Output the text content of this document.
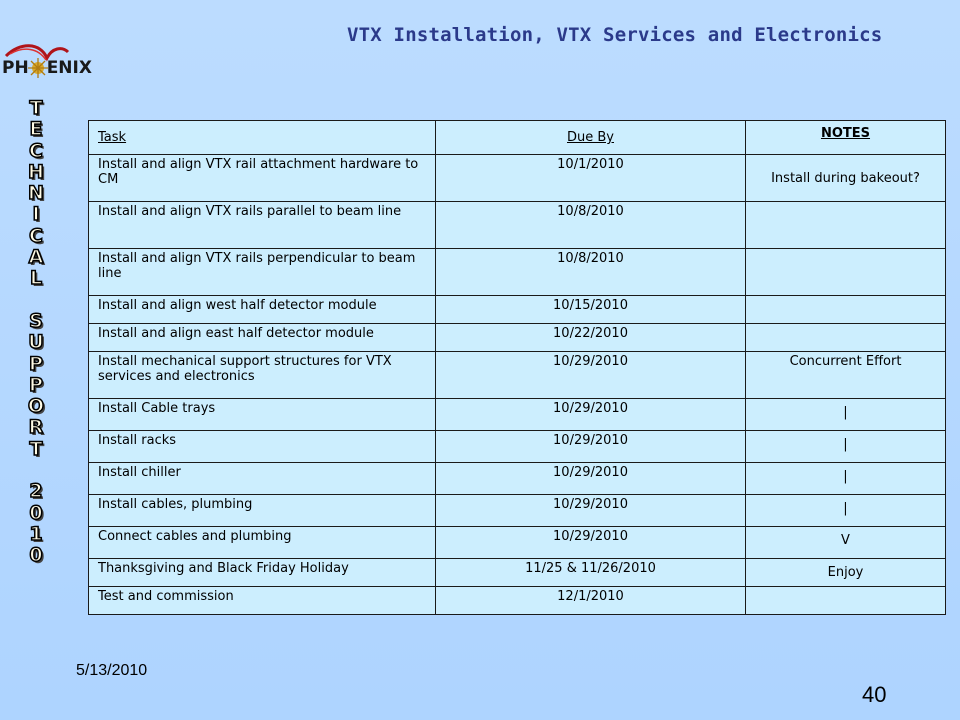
VTX Installation, VTX Services and Electronics
PH ENIX
T
E
C
H
N
I
C
A
L
S
U
P
P
O
R
T
2
0
1
0
Task	Due By	NOTES
Install and align VTX rail attachment hardware to CM	10/1/2010	Install during bakeout?
Install and align VTX rails parallel to beam line	10/8/2010	
Install and align VTX rails perpendicular to beam line	10/8/2010	
Install and align west half detector module	10/15/2010	
Install and align east half detector module	10/22/2010	
Install mechanical support structures for VTX services and electronics	10/29/2010	Concurrent Effort
Install Cable trays	10/29/2010	|
Install racks	10/29/2010	|
Install chiller	10/29/2010	|
Install cables, plumbing	10/29/2010	|
Connect cables and plumbing	10/29/2010	V
Thanksgiving and Black Friday Holiday	11/25 & 11/26/2010	Enjoy
Test and commission	12/1/2010	
5/13/2010
40
